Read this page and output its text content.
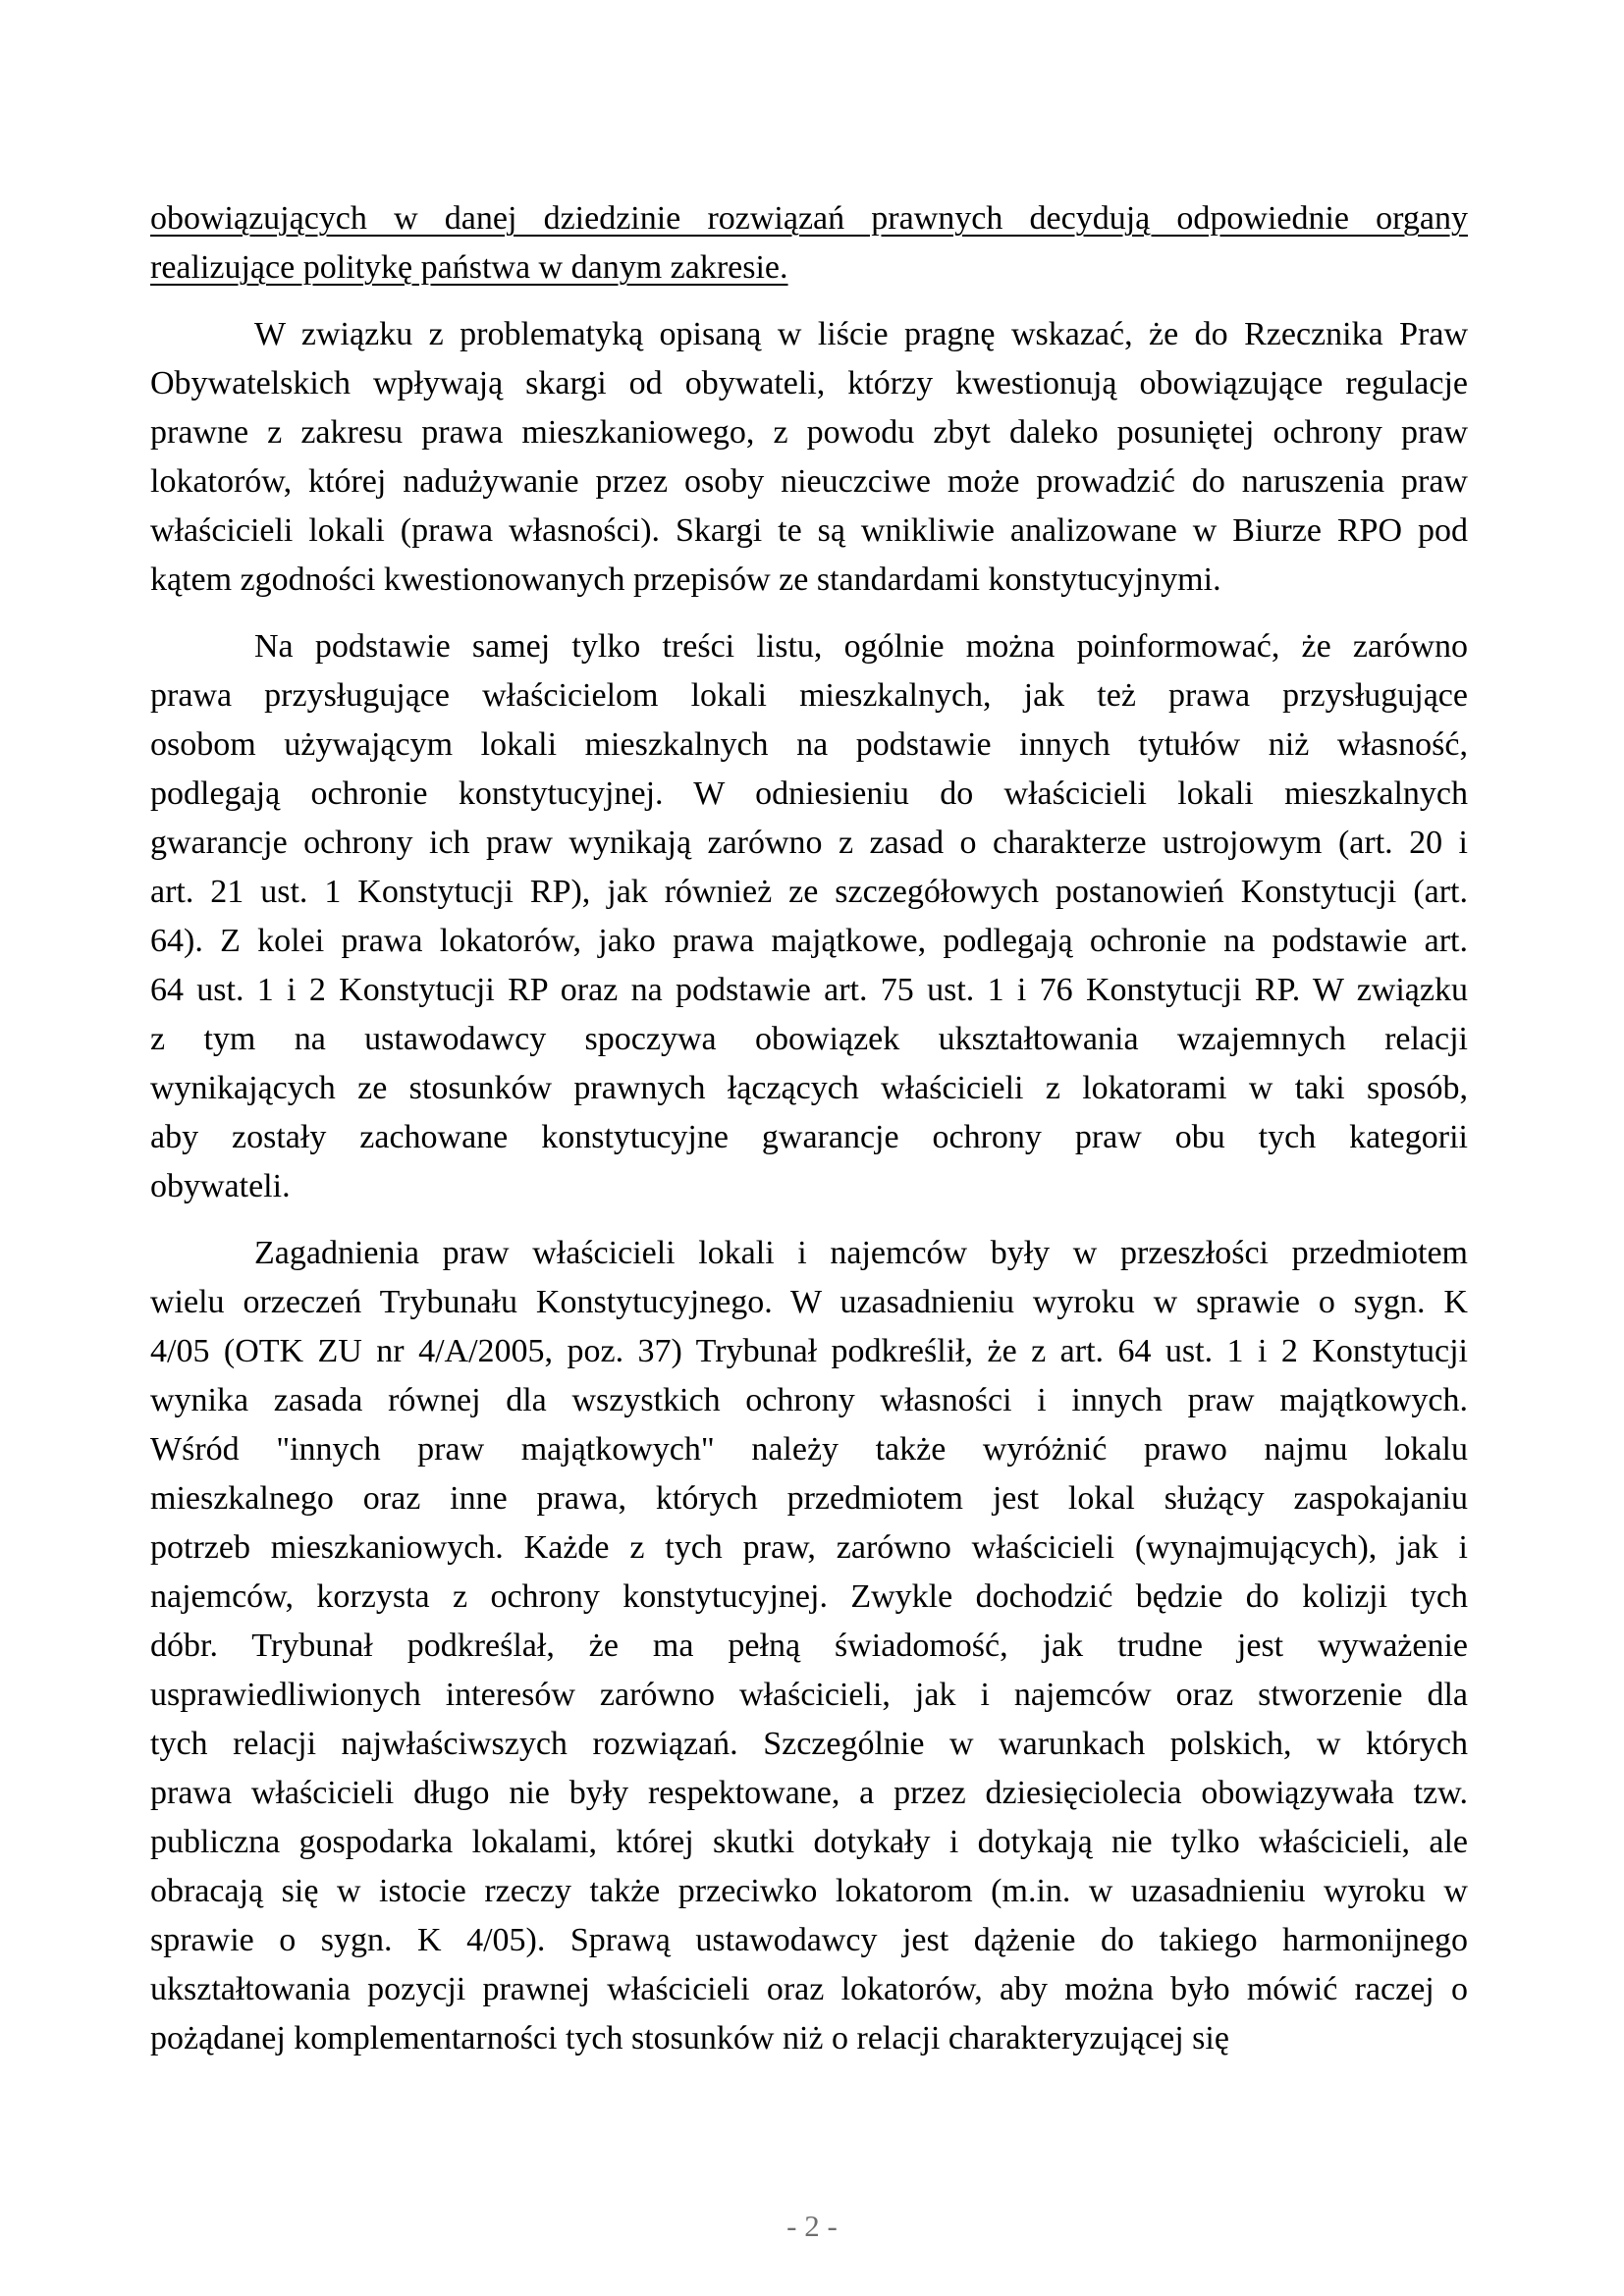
obowiązujących w danej dziedzinie rozwiązań prawnych decydują odpowiednie organy
realizujące politykę państwa w danym zakresie.
W związku z problematyką opisaną w liście pragnę wskazać, że do Rzecznika Praw
Obywatelskich wpływają skargi od obywateli, którzy kwestionują obowiązujące regulacje
prawne z zakresu prawa mieszkaniowego, z powodu zbyt daleko posuniętej ochrony praw
lokatorów, której nadużywanie przez osoby nieuczciwe może prowadzić do naruszenia praw
właścicieli lokali (prawa własności). Skargi te są wnikliwie analizowane w Biurze RPO pod
kątem zgodności kwestionowanych przepisów ze standardami konstytucyjnymi.
Na podstawie samej tylko treści listu, ogólnie można poinformować, że zarówno
prawa przysługujące właścicielom lokali mieszkalnych, jak też prawa przysługujące
osobom używającym lokali mieszkalnych na podstawie innych tytułów niż własność,
podlegają ochronie konstytucyjnej. W odniesieniu do właścicieli lokali mieszkalnych
gwarancje ochrony ich praw wynikają zarówno z zasad o charakterze ustrojowym (art. 20 i
art. 21 ust. 1 Konstytucji RP), jak również ze szczegółowych postanowień Konstytucji (art.
64). Z kolei prawa lokatorów, jako prawa majątkowe, podlegają ochronie na podstawie art.
64 ust. 1 i 2 Konstytucji RP oraz na podstawie art. 75 ust. 1 i 76 Konstytucji RP. W związku
z tym na ustawodawcy spoczywa obowiązek ukształtowania wzajemnych relacji
wynikających ze stosunków prawnych łączących właścicieli z lokatorami w taki sposób,
aby zostały zachowane konstytucyjne gwarancje ochrony praw obu tych kategorii
obywateli.
Zagadnienia praw właścicieli lokali i najemców były w przeszłości przedmiotem
wielu orzeczeń Trybunału Konstytucyjnego. W uzasadnieniu wyroku w sprawie o sygn. K
4/05 (OTK ZU nr 4/A/2005, poz. 37) Trybunał podkreślił, że z art. 64 ust. 1 i 2 Konstytucji
wynika zasada równej dla wszystkich ochrony własności i innych praw majątkowych.
Wśród "innych praw majątkowych" należy także wyróżnić prawo najmu lokalu
mieszkalnego oraz inne prawa, których przedmiotem jest lokal służący zaspokajaniu
potrzeb mieszkaniowych. Każde z tych praw, zarówno właścicieli (wynajmujących), jak i
najemców, korzysta z ochrony konstytucyjnej. Zwykle dochodzić będzie do kolizji tych
dóbr. Trybunał podkreślał, że ma pełną świadomość, jak trudne jest wyważenie
usprawiedliwionych interesów zarówno właścicieli, jak i najemców oraz stworzenie dla
tych relacji najwłaściwszych rozwiązań. Szczególnie w warunkach polskich, w których
prawa właścicieli długo nie były respektowane, a przez dziesięciolecia obowiązywała tzw.
publiczna gospodarka lokalami, której skutki dotykały i dotykają nie tylko właścicieli, ale
obracają się w istocie rzeczy także przeciwko lokatorom (m.in. w uzasadnieniu wyroku w
sprawie o sygn. K 4/05). Sprawą ustawodawcy jest dążenie do takiego harmonijnego
ukształtowania pozycji prawnej właścicieli oraz lokatorów, aby można było mówić raczej o
pożądanej komplementarności tych stosunków niż o relacji charakteryzującej się
- 2 -
